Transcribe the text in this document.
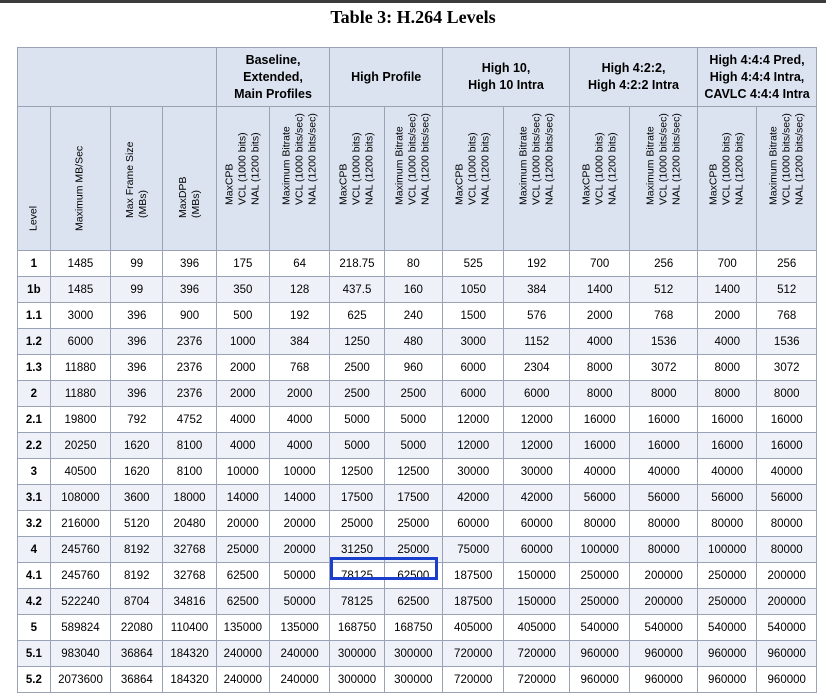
Table 3: H.264 Levels
				Baseline,
Extended,
Main Profiles		High Profile		High 10,
High 10 Intra		High 4:2:2,
High 4:2:2 Intra		High 4:4:4 Pred,
High 4:4:4 Intra,
CAVLC 4:4:4 Intra	

Level	Maximum MB/Sec	Max Frame Size (MBs)	MaxDPB (MBs)	MaxCPB VCL (1000 bits) NAL (1200 bits)	Maximum Bitrate VCL (1000 bits/sec) NAL (1200 bits/sec)	MaxCPB VCL (1000 bits) NAL (1200 bits)	Maximum Bitrate VCL (1000 bits/sec) NAL (1200 bits/sec)	MaxCPB VCL (1000 bits) NAL (1200 bits)	Maximum Bitrate VCL (1000 bits/sec) NAL (1200 bits/sec)	MaxCPB VCL (1000 bits) NAL (1200 bits)	Maximum Bitrate VCL (1000 bits/sec) NAL (1200 bits/sec)	MaxCPB VCL (1000 bits) NAL (1200 bits)	Maximum Bitrate VCL (1000 bits/sec) NAL (1200 bits/sec)

1	1485	99	396	175	64	218.75	80	525	192	700	256	700	256
1b	1485	99	396	350	128	437.5	160	1050	384	1400	512	1400	512
1.1	3000	396	900	500	192	625	240	1500	576	2000	768	2000	768
1.2	6000	396	2376	1000	384	1250	480	3000	1152	4000	1536	4000	1536
1.3	11880	396	2376	2000	768	2500	960	6000	2304	8000	3072	8000	3072
2	11880	396	2376	2000	2000	2500	2500	6000	6000	8000	8000	8000	8000
2.1	19800	792	4752	4000	4000	5000	5000	12000	12000	16000	16000	16000	16000
2.2	20250	1620	8100	4000	4000	5000	5000	12000	12000	16000	16000	16000	16000
3	40500	1620	8100	10000	10000	12500	12500	30000	30000	40000	40000	40000	40000
3.1	108000	3600	18000	14000	14000	17500	17500	42000	42000	56000	56000	56000	56000
3.2	216000	5120	20480	20000	20000	25000	25000	60000	60000	80000	80000	80000	80000
4	245760	8192	32768	25000	20000	31250	25000	75000	60000	100000	80000	100000	80000
4.1	245760	8192	32768	62500	50000	78125	62500	187500	150000	250000	200000	250000	200000
4.2	522240	8704	34816	62500	50000	78125	62500	187500	150000	250000	200000	250000	200000
5	589824	22080	110400	135000	135000	168750	168750	405000	405000	540000	540000	540000	540000
5.1	983040	36864	184320	240000	240000	300000	300000	720000	720000	960000	960000	960000	960000
5.2	2073600	36864	184320	240000	240000	300000	300000	720000	720000	960000	960000	960000	960000
